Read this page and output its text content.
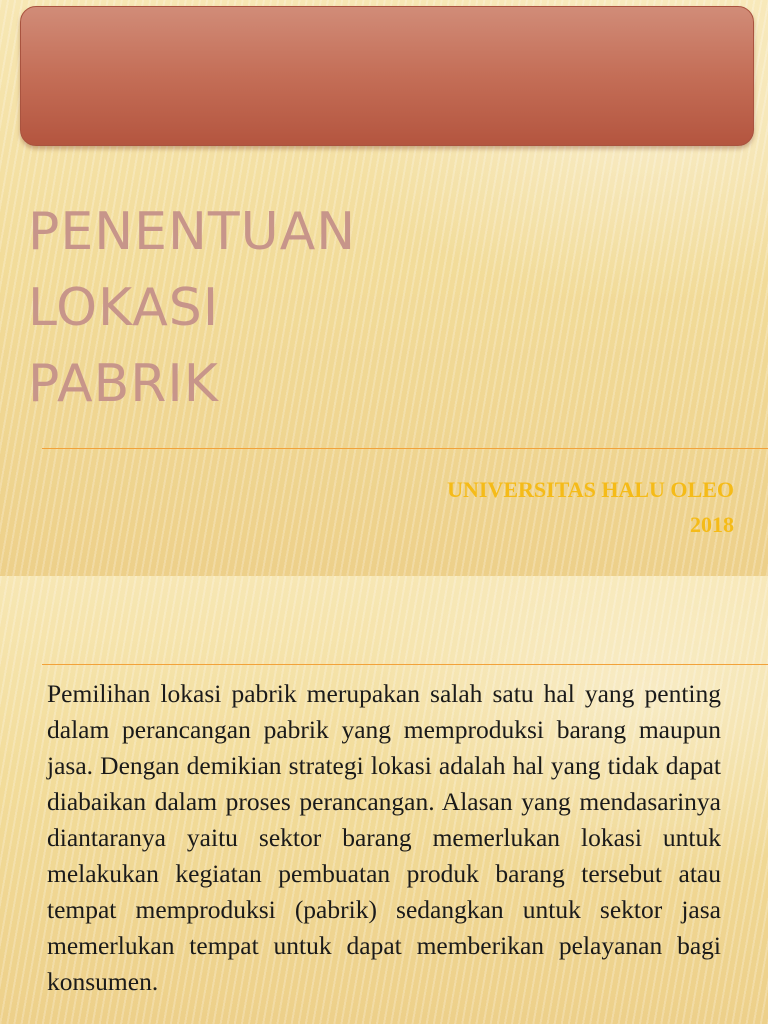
PENENTUAN
LOKASI
PABRIK
UNIVERSITAS HALU OLEO
2018

Pemilihan lokasi pabrik merupakan salah satu hal yang penting dalam perancangan pabrik yang memproduksi barang maupun jasa. Dengan demikian strategi lokasi adalah hal yang tidak dapat diabaikan dalam proses perancangan. Alasan yang mendasarinya diantaranya yaitu sektor barang memerlukan lokasi untuk melakukan kegiatan pembuatan produk barang tersebut atau tempat memproduksi (pabrik) sedangkan untuk sektor jasa memerlukan tempat untuk dapat memberikan pelayanan bagi konsumen.
